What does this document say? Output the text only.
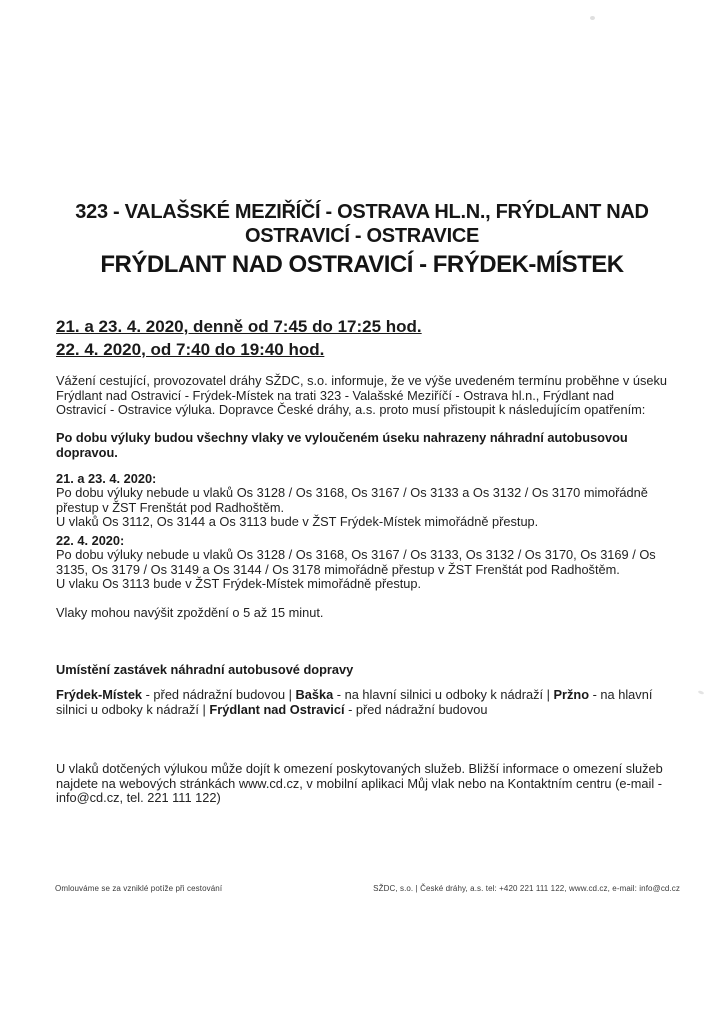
323 - VALAŠSKÉ MEZIŘÍČÍ - OSTRAVA HL.N., FRÝDLANT NAD OSTRAVICÍ - OSTRAVICE
FRÝDLANT NAD OSTRAVICÍ - FRÝDEK-MÍSTEK
21. a 23. 4. 2020, denně od 7:45 do 17:25 hod.
22. 4. 2020, od 7:40 do 19:40 hod.
Vážení cestující, provozovatel dráhy SŽDC, s.o. informuje, že ve výše uvedeném termínu proběhne v úseku Frýdlant nad Ostravicí - Frýdek-Místek na trati 323 - Valašské Meziříčí - Ostrava hl.n., Frýdlant nad Ostravicí - Ostravice výluka. Dopravce České dráhy, a.s. proto musí přistoupit k následujícím opatřením:
Po dobu výluky budou všechny vlaky ve vyloučeném úseku nahrazeny náhradní autobusovou dopravou.
21. a 23. 4. 2020:
Po dobu výluky nebude u vlaků Os 3128 / Os 3168, Os 3167 / Os 3133 a Os 3132 / Os 3170 mimořádně přestup v ŽST Frenštát pod Radhoštěm.
U vlaků Os 3112, Os 3144 a Os 3113 bude v ŽST Frýdek-Místek mimořádně přestup.
22. 4. 2020:
Po dobu výluky nebude u vlaků Os 3128 / Os 3168, Os 3167 / Os 3133, Os 3132 / Os 3170, Os 3169 / Os 3135, Os 3179 / Os 3149 a Os 3144 / Os 3178 mimořádně přestup v ŽST Frenštát pod Radhoštěm.
U vlaku Os 3113 bude v ŽST Frýdek-Místek mimořádně přestup.
Vlaky mohou navýšit zpoždění o 5 až 15 minut.
Umístění zastávek náhradní autobusové dopravy
Frýdek-Místek - před nádražní budovou | Baška - na hlavní silnici u odboky k nádraží | Pržno - na hlavní silnici u odboky k nádraží | Frýdlant nad Ostravicí - před nádražní budovou
U vlaků dotčených výlukou může dojít k omezení poskytovaných služeb. Bližší informace o omezení služeb najdete na webových stránkách www.cd.cz, v mobilní aplikaci Můj vlak nebo na Kontaktním centru (e-mail - info@cd.cz, tel. 221 111 122)
Omlouváme se za vzniklé potíže při cestování	SŽDC, s.o. | České dráhy, a.s. tel: +420 221 111 122, www.cd.cz, e-mail: info@cd.cz
